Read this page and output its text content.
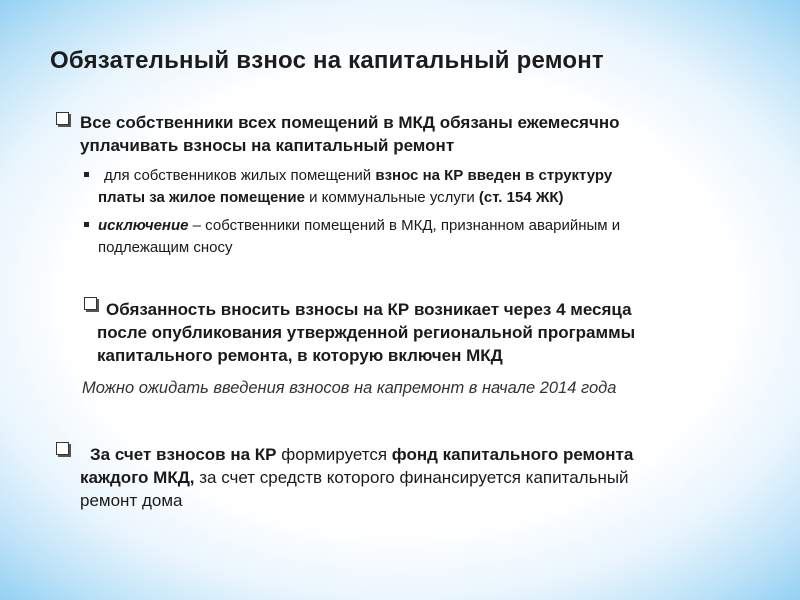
Обязательный взнос на капитальный ремонт
Все собственники всех помещений в МКД обязаны ежемесячно
уплачивать взносы на капитальный ремонт
для собственников жилых помещений взнос на КР введен в структуру
платы за жилое помещение и коммунальные услуги (ст. 154 ЖК)
исключение – собственники помещений в МКД, признанном аварийным и
подлежащим сносу
Обязанность вносить взносы на КР возникает через 4 месяца
после опубликования утвержденной региональной программы
капитального ремонта, в которую включен МКД
Можно ожидать введения взносов на капремонт в начале 2014 года
За счет взносов на КР формируется фонд капитального ремонта
каждого МКД, за счет средств которого финансируется капитальный
ремонт дома
